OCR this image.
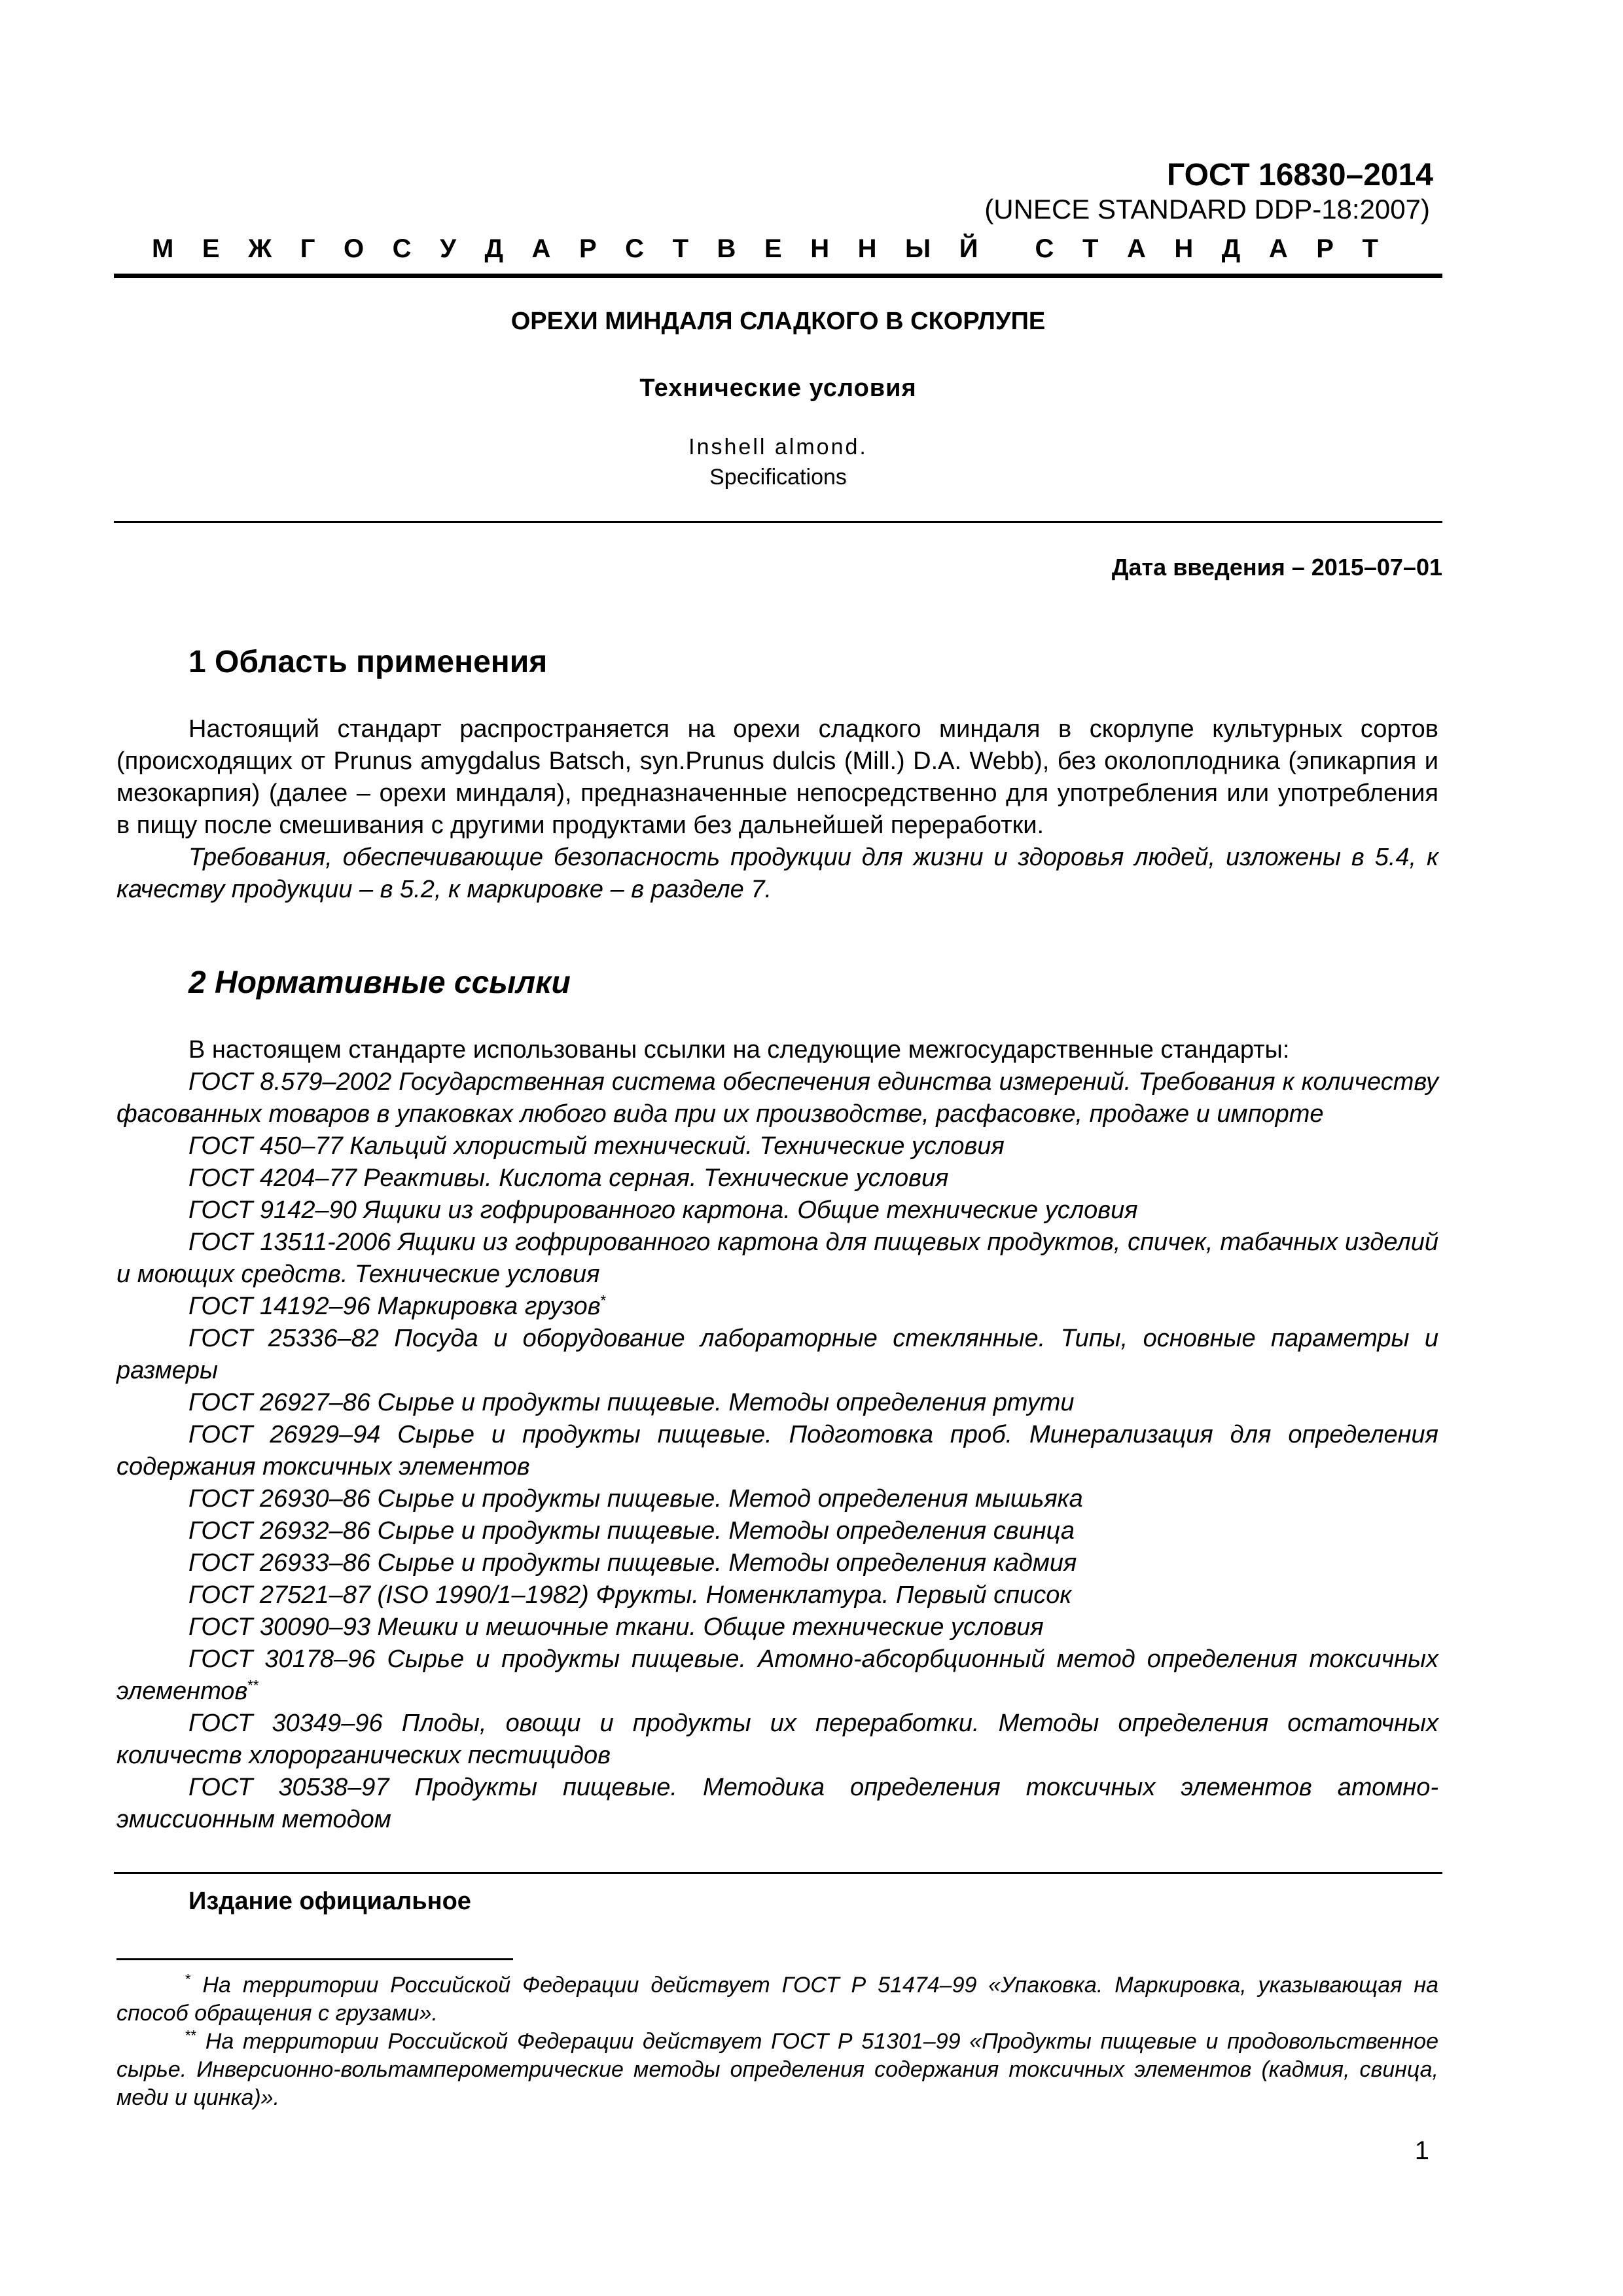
ГОСТ 16830–2014
(UNECE STANDARD DDP-18:2007)
М Е Ж Г О С У Д А Р С Т В Е Н Н Ы Й С Т А Н Д А Р Т
ОРЕХИ МИНДАЛЯ СЛАДКОГО В СКОРЛУПЕ
Технические условия
Inshell almond.
Specifications
Дата введения – 2015–07–01
1 Область применения

Настоящий стандарт распространяется на орехи сладкого миндаля в скорлупе культурных сортов (происходящих от Prunus amygdalus Batsch, syn.Prunus dulcis (Mill.) D.A. Webb), без околоплодника (эпикарпия и мезокарпия) (далее – орехи миндаля), предназначенные непосредственно для употребления или употребления в пищу после смешивания с другими продуктами без дальнейшей переработки.

Требования, обеспечивающие безопасность продукции для жизни и здоровья людей, изложены в 5.4, к качеству продукции – в 5.2, к маркировке – в разделе 7.

2 Нормативные ссылки

В настоящем стандарте использованы ссылки на следующие межгосударственные стандарты:

ГОСТ 8.579–2002 Государственная система обеспечения единства измерений. Требования к количеству фасованных товаров в упаковках любого вида при их производстве, расфасовке, продаже и импорте

ГОСТ 450–77 Кальций хлористый технический. Технические условия

ГОСТ 4204–77 Реактивы. Кислота серная. Технические условия

ГОСТ 9142–90 Ящики из гофрированного картона. Общие технические условия

ГОСТ 13511-2006 Ящики из гофрированного картона для пищевых продуктов, спичек, табачных изделий и моющих средств. Технические условия

ГОСТ 14192–96 Маркировка грузов*

ГОСТ 25336–82 Посуда и оборудование лабораторные стеклянные. Типы, основные параметры и размеры

ГОСТ 26927–86 Сырье и продукты пищевые. Методы определения ртути

ГОСТ 26929–94 Сырье и продукты пищевые. Подготовка проб. Минерализация для определения содержания токсичных элементов

ГОСТ 26930–86 Сырье и продукты пищевые. Метод определения мышьяка

ГОСТ 26932–86 Сырье и продукты пищевые. Методы определения свинца

ГОСТ 26933–86 Сырье и продукты пищевые. Методы определения кадмия

ГОСТ 27521–87 (ISO 1990/1–1982) Фрукты. Номенклатура. Первый список

ГОСТ 30090–93 Мешки и мешочные ткани. Общие технические условия

ГОСТ 30178–96 Сырье и продукты пищевые. Атомно-абсорбционный метод определения токсичных элементов**

ГОСТ 30349–96 Плоды, овощи и продукты их переработки. Методы определения остаточных количеств хлорорганических пестицидов

ГОСТ 30538–97 Продукты пищевые. Методика определения токсичных элементов атомно-эмиссионным методом

Издание официальное

* На территории Российской Федерации действует ГОСТ Р 51474–99 «Упаковка. Маркировка, указывающая на способ обращения с грузами».

** На территории Российской Федерации действует ГОСТ Р 51301–99 «Продукты пищевые и продовольственное сырье. Инверсионно-вольтамперометрические методы определения содержания токсичных элементов (кадмия, свинца, меди и цинка)».

1
